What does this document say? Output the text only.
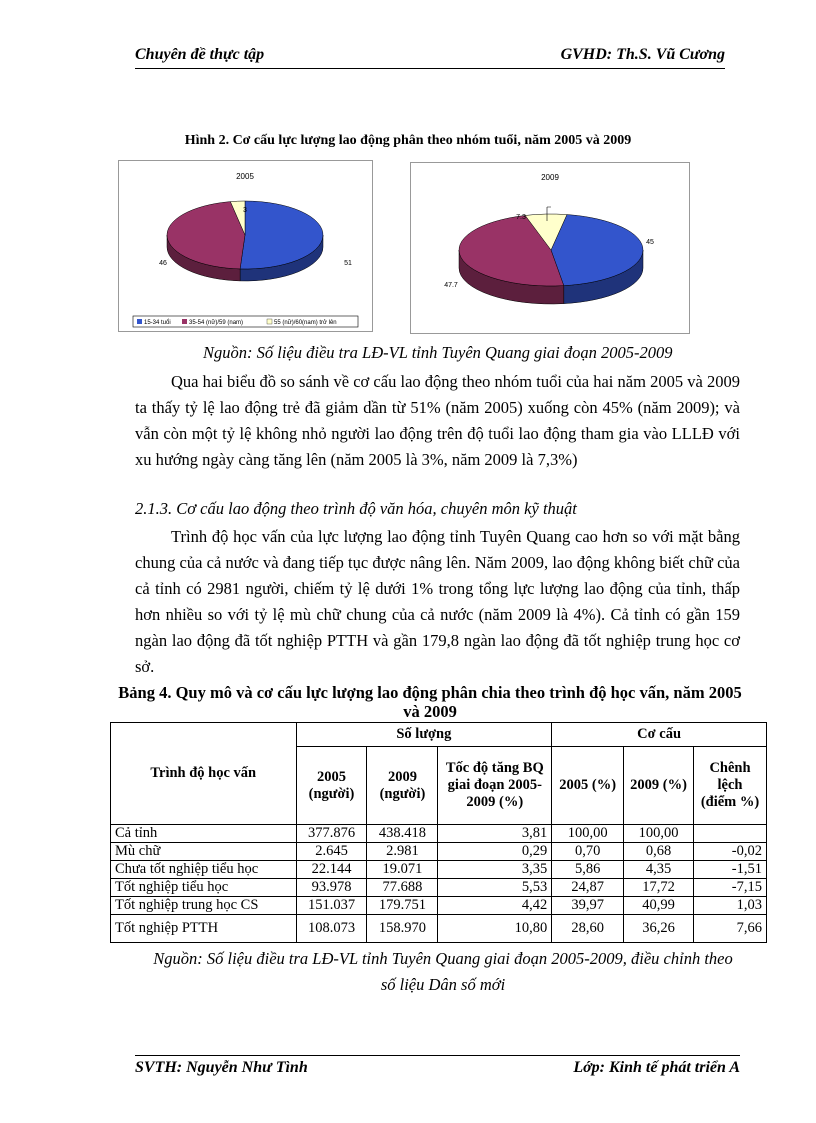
Chuyên đề thực tập	GVHD: Th.S. Vũ Cương
Hình 2. Cơ cấu lực lượng lao động phân theo nhóm tuổi, năm 2005 và 2009
2005
51
46
3
15-34 tuổi	35-54 (nữ)/59 (nam)	55 (nữ)/60(nam) trở lên
2009
45
47.7
7.3
Nguồn: Số liệu điều tra LĐ-VL tỉnh Tuyên Quang giai đoạn 2005-2009

Qua hai biểu đồ so sánh về cơ cấu lao động theo nhóm tuổi của hai năm 2005 và 2009 ta thấy tỷ lệ lao động trẻ đã giảm dần từ 51% (năm 2005) xuống còn 45% (năm 2009); và vẫn còn một tỷ lệ không nhỏ người lao động trên độ tuổi lao động tham gia vào LLLĐ với xu hướng ngày càng tăng lên (năm 2005 là 3%, năm 2009 là 7,3%)

2.1.3. Cơ cấu lao động theo trình độ văn hóa, chuyên môn kỹ thuật

Trình độ học vấn của lực lượng lao động tỉnh Tuyên Quang cao hơn so với mặt bằng chung của cả nước và đang tiếp tục được nâng lên. Năm 2009, lao động không biết chữ của cả tỉnh có 2981 người, chiếm tỷ lệ dưới 1% trong tổng lực lượng lao động của tỉnh, thấp hơn nhiều so với tỷ lệ mù chữ chung của cả nước (năm 2009 là 4%). Cả tỉnh có gần 159 ngàn lao động đã tốt nghiệp PTTH và gần 179,8 ngàn lao động đã tốt nghiệp trung học cơ sở.

Bảng 4. Quy mô và cơ cấu lực lượng lao động phân chia theo trình độ học vấn, năm 2005 và 2009
Trình độ học vấn	Số lượng			Cơ cấu		
	2005 (người)	2009 (người)	Tốc độ tăng BQ giai đoạn 2005-2009 (%)	2005 (%)	2009 (%)	Chênh lệch (điểm %)
Cả tỉnh	377.876	438.418	3,81	100,00	100,00	
Mù chữ	2.645	2.981	0,29	0,70	0,68	-0,02
Chưa tốt nghiệp tiểu học	22.144	19.071	3,35	5,86	4,35	-1,51
Tốt nghiệp tiểu học	93.978	77.688	5,53	24,87	17,72	-7,15
Tốt nghiệp trung học CS	151.037	179.751	4,42	39,97	40,99	1,03
Tốt nghiệp PTTH	108.073	158.970	10,80	28,60	36,26	7,66
Nguồn: Số liệu điều tra LĐ-VL tỉnh Tuyên Quang giai đoạn 2005-2009, điều chỉnh theo số liệu Dân số mới
SVTH: Nguyễn Như Tình	Lớp: Kinh tế phát triển A
